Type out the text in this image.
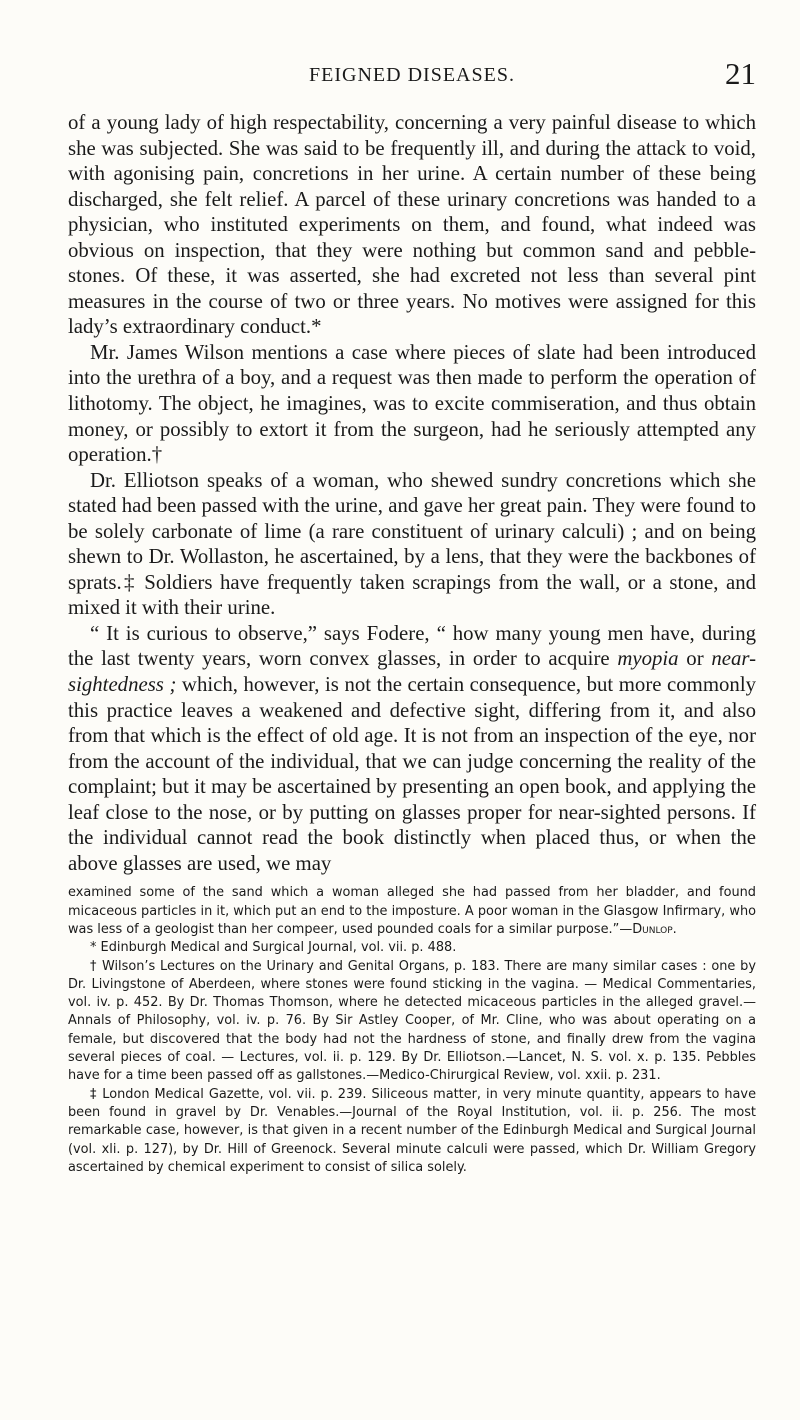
FEIGNED DISEASES.	21

of a young lady of high respectability, concerning a very painful disease to which she was subjected. She was said to be frequently ill, and during the attack to void, with agonising pain, concretions in her urine. A certain number of these being discharged, she felt relief. A parcel of these urinary concretions was handed to a physician, who instituted experiments on them, and found, what indeed was obvious on inspection, that they were nothing but common sand and pebble-stones. Of these, it was asserted, she had excreted not less than several pint measures in the course of two or three years. No motives were assigned for this lady’s extraordinary conduct.*

Mr. James Wilson mentions a case where pieces of slate had been introduced into the urethra of a boy, and a request was then made to perform the operation of lithotomy. The object, he imagines, was to excite commiseration, and thus obtain money, or possibly to extort it from the surgeon, had he seriously attempted any operation.†

Dr. Elliotson speaks of a woman, who shewed sundry concretions which she stated had been passed with the urine, and gave her great pain. They were found to be solely carbonate of lime (a rare constituent of urinary calculi) ; and on being shewn to Dr. Wollaston, he ascertained, by a lens, that they were the backbones of sprats.‡ Soldiers have frequently taken scrapings from the wall, or a stone, and mixed it with their urine.

“ It is curious to observe,” says Fodere, “ how many young men have, during the last twenty years, worn convex glasses, in order to acquire myopia or near-sightedness ; which, however, is not the certain consequence, but more commonly this practice leaves a weakened and defective sight, differing from it, and also from that which is the effect of old age. It is not from an inspection of the eye, nor from the account of the individual, that we can judge concerning the reality of the complaint; but it may be ascertained by presenting an open book, and applying the leaf close to the nose, or by putting on glasses proper for near-sighted persons. If the individual cannot read the book distinctly when placed thus, or when the above glasses are used, we may

examined some of the sand which a woman alleged she had passed from her bladder, and found micaceous particles in it, which put an end to the imposture. A poor woman in the Glasgow Infirmary, who was less of a geologist than her compeer, used pounded coals for a similar purpose.”—Dunlop.

* Edinburgh Medical and Surgical Journal, vol. vii. p. 488.

† Wilson’s Lectures on the Urinary and Genital Organs, p. 183. There are many similar cases : one by Dr. Livingstone of Aberdeen, where stones were found sticking in the vagina. — Medical Commentaries, vol. iv. p. 452. By Dr. Thomas Thomson, where he detected micaceous particles in the alleged gravel.—Annals of Philosophy, vol. iv. p. 76. By Sir Astley Cooper, of Mr. Cline, who was about operating on a female, but discovered that the body had not the hardness of stone, and finally drew from the vagina several pieces of coal. — Lectures, vol. ii. p. 129. By Dr. Elliotson.—Lancet, N. S. vol. x. p. 135. Pebbles have for a time been passed off as gallstones.—Medico-Chirurgical Review, vol. xxii. p. 231.

‡ London Medical Gazette, vol. vii. p. 239. Siliceous matter, in very minute quantity, appears to have been found in gravel by Dr. Venables.—Journal of the Royal Institution, vol. ii. p. 256. The most remarkable case, however, is that given in a recent number of the Edinburgh Medical and Surgical Journal (vol. xli. p. 127), by Dr. Hill of Greenock. Several minute calculi were passed, which Dr. William Gregory ascertained by chemical experiment to consist of silica solely.
